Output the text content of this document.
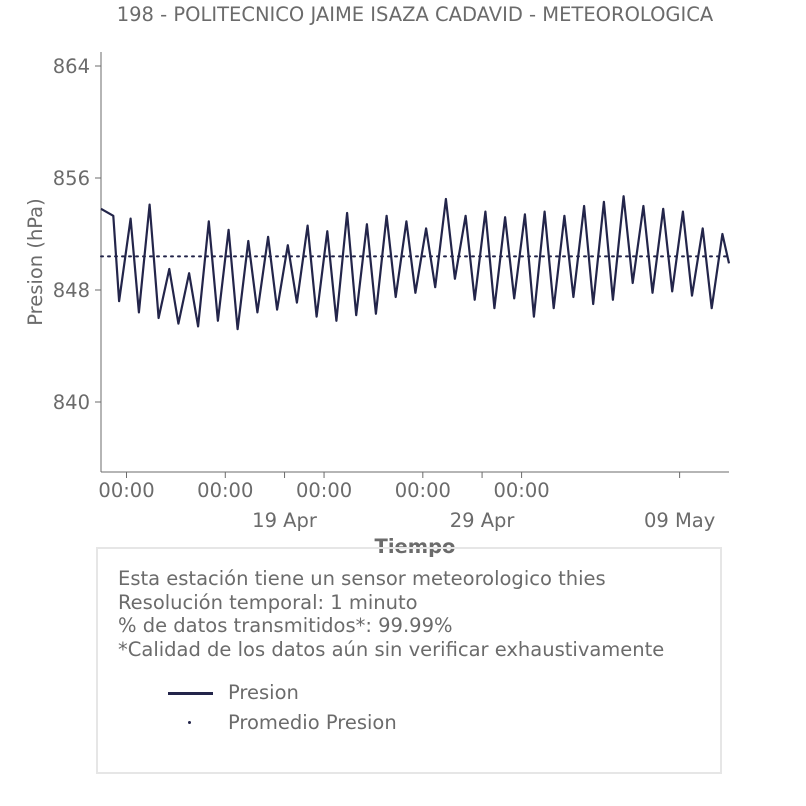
198 - POLITECNICO JAIME ISAZA CADAVID - METEOROLOGICA
Presion (hPa)
840
848
856
864
00:00 00:00 00:00 00:00 00:00
19 Apr	29 Apr	09 May
Tiempo
Esta estación tiene un sensor meteorologico thies
Resolución temporal: 1 minuto
% de datos transmitidos*: 99.99%
*Calidad de los datos aún sin verificar exhaustivamente
Presion
Promedio Presion
